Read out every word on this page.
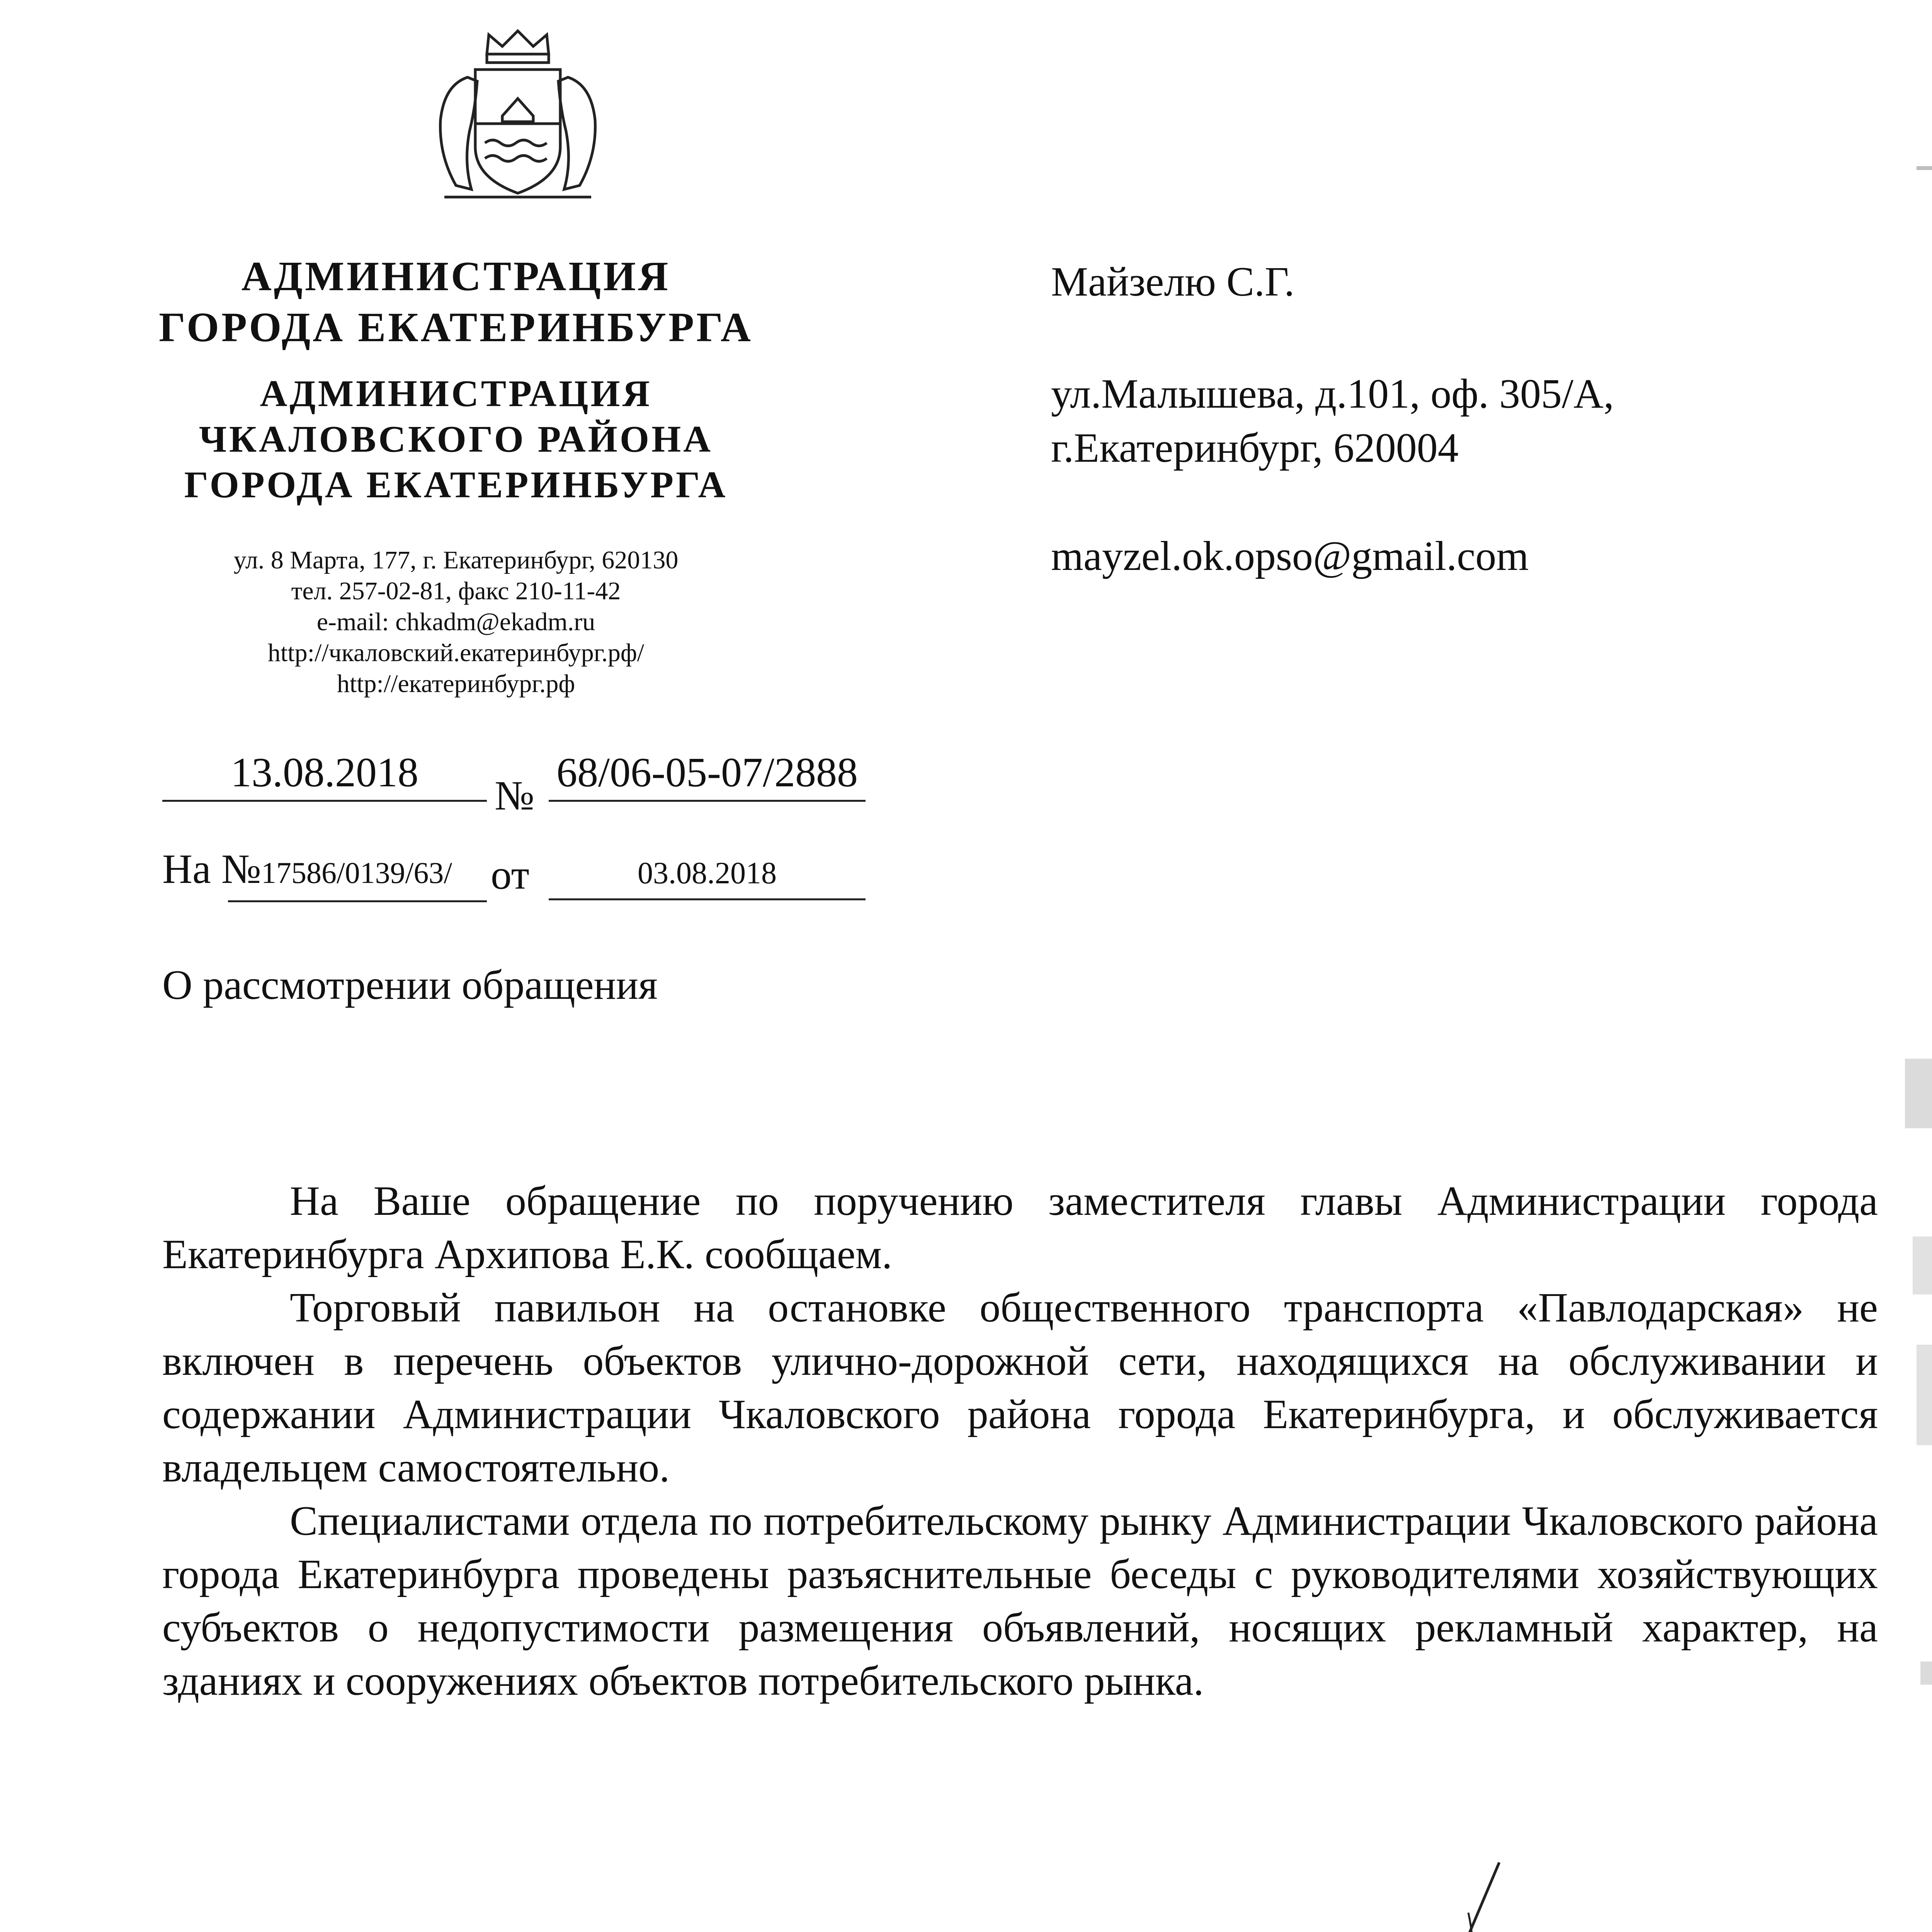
АДМИНИСТРАЦИЯ
ГОРОДА ЕКАТЕРИНБУРГА
АДМИНИСТРАЦИЯ
ЧКАЛОВСКОГО РАЙОНА
ГОРОДА ЕКАТЕРИНБУРГА
ул. 8 Марта, 177, г. Екатеринбург, 620130
тел. 257-02-81, факс 210-11-42
e-mail: chkadm@ekadm.ru
http://чкаловский.екатеринбург.рф/
http://екатеринбург.рф
13.08.2018
№
68/06-05-07/2888
На №17586/0139/63/ от	03.08.2018
Майзелю С.Г.
ул.Малышева, д.101, оф. 305/А,
г.Екатеринбург, 620004
mayzel.ok.opso@gmail.com
О рассмотрении обращения

На Ваше обращение по поручению заместителя главы Администрации города Екатеринбурга Архипова Е.К. сообщаем.

Торговый павильон на остановке общественного транспорта «Павлодарская» не включен в перечень объектов улично-дорожной сети, находящихся на обслуживании и содержании Администрации Чкаловского района города Екатеринбурга, и обслуживается владельцем самостоятельно.

Специалистами отдела по потребительскому рынку Администрации Чкаловского района города Екатеринбурга проведены разъяснительные беседы с руководителями хозяйствующих субъектов о недопустимости размещения объявлений, носящих рекламный характер, на зданиях и сооружениях объектов потребительского рынка.
